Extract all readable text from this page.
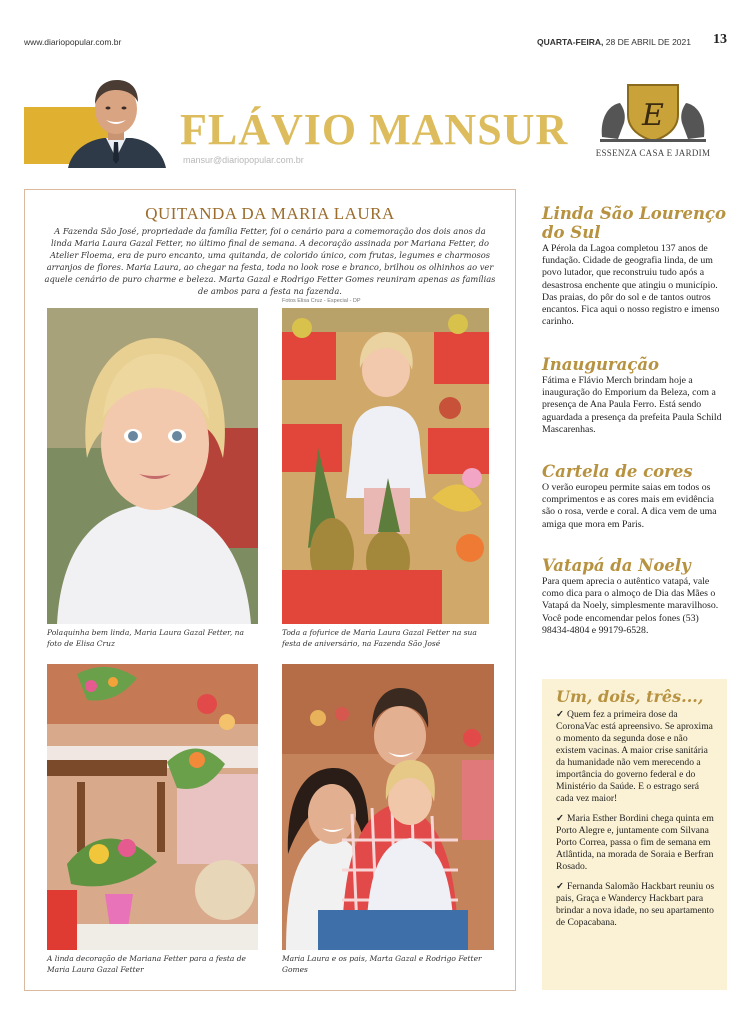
www.diariopopular.com.br	QUARTA-FEIRA, 28 DE ABRIL DE 2021 13
FLÁVIO MANSUR
mansur@diariopopular.com.br
E
ESSENZA CASA E JARDIM
QUITANDA DA MARIA LAURA
A Fazenda São José, propriedade da família Fetter, foi o cenário para a comemoração dos dois anos da linda Maria Laura Gazal Fetter, no último final de semana. A decoração assinada por Mariana Fetter, do Atelier Floema, era de puro encanto, uma quitanda, de colorido único, com frutas, legumes e charmosos arranjos de flores. Maria Laura, ao chegar na festa, toda no look rose e branco, brilhou os olhinhos ao ver aquele cenário de puro charme e beleza. Marta Gazal e Rodrigo Fetter Gomes reuniram apenas as famílias de ambos para a festa na fazenda.
Fotos Elisa Cruz - Especial - DP
Polaquinha bem linda, Maria Laura Gazal Fetter, na foto de Elisa Cruz
Toda a fofurice de Maria Laura Gazal Fetter na sua festa de aniversário, na Fazenda São José
A linda decoração de Mariana Fetter para a festa de Maria Laura Gazal Fetter
Maria Laura e os pais, Marta Gazal e Rodrigo Fetter Gomes
Linda São Lourenço do Sul
A Pérola da Lagoa completou 137 anos de fundação. Cidade de geografia linda, de um povo lutador, que reconstruiu tudo após a desastrosa enchente que atingiu o município. Das praias, do pôr do sol e de tantos outros encantos. Fica aqui o nosso registro e imenso carinho.
Inauguração
Fátima e Flávio Merch brindam hoje a inauguração do Emporium da Beleza, com a presença de Ana Paula Ferro. Está sendo aguardada a presença da prefeita Paula Schild Mascarenhas.
Cartela de cores
O verão europeu permite saias em todos os comprimentos e as cores mais em evidência são o rosa, verde e coral. A dica vem de uma amiga que mora em Paris.
Vatapá da Noely
Para quem aprecia o autêntico vatapá, vale como dica para o almoço de Dia das Mães o Vatapá da Noely, simplesmente maravilhoso. Você pode encomendar pelos fones (53) 98434-4804 e 99179-6528.
Um, dois, três...,
✓ Quem fez a primeira dose da CoronaVac está apreensivo. Se aproxima o momento da segunda dose e não existem vacinas. A maior crise sanitária da humanidade não vem merecendo a importância do governo federal e do Ministério da Saúde. E o estrago será cada vez maior!
✓ Maria Esther Bordini chega quinta em Porto Alegre e, juntamente com Silvana Porto Correa, passa o fim de semana em Atlântida, na morada de Soraia e Berfran Rosado.
✓ Fernanda Salomão Hackbart reuniu os pais, Graça e Wandercy Hackbart para brindar a nova idade, no seu apartamento de Copacabana.
